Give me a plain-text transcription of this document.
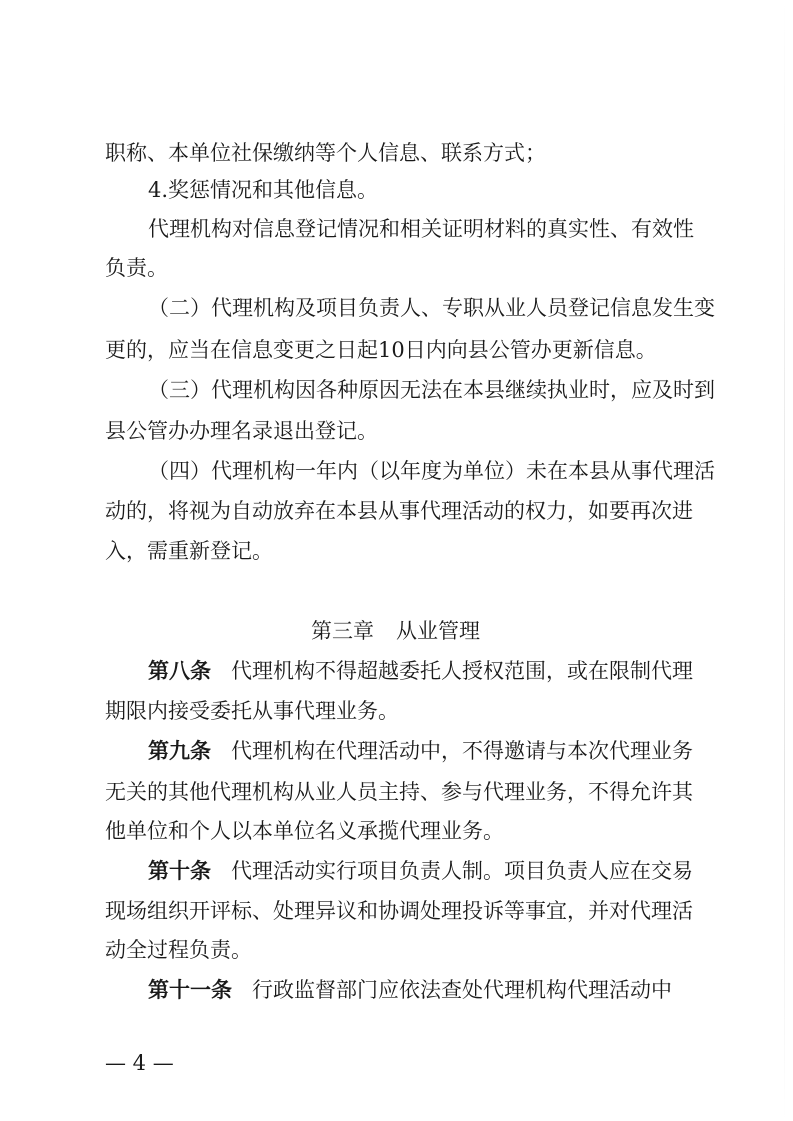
职称、本单位社保缴纳等个人信息、联系方式；
4.奖惩情况和其他信息。
代理机构对信息登记情况和相关证明材料的真实性、有效性
负责。
（二）代理机构及项目负责人、专职从业人员登记信息发生变
更的，应当在信息变更之日起10日内向县公管办更新信息。
（三）代理机构因各种原因无法在本县继续执业时，应及时到
县公管办办理名录退出登记。
（四）代理机构一年内（以年度为单位）未在本县从事代理活
动的，将视为自动放弃在本县从事代理活动的权力，如要再次进
入，需重新登记。
第三章 从业管理
第八条 代理机构不得超越委托人授权范围，或在限制代理
期限内接受委托从事代理业务。
第九条 代理机构在代理活动中，不得邀请与本次代理业务
无关的其他代理机构从业人员主持、参与代理业务，不得允许其
他单位和个人以本单位名义承揽代理业务。
第十条 代理活动实行项目负责人制。项目负责人应在交易
现场组织开评标、处理异议和协调处理投诉等事宜，并对代理活
动全过程负责。
第十一条 行政监督部门应依法查处代理机构代理活动中
— 4 —
